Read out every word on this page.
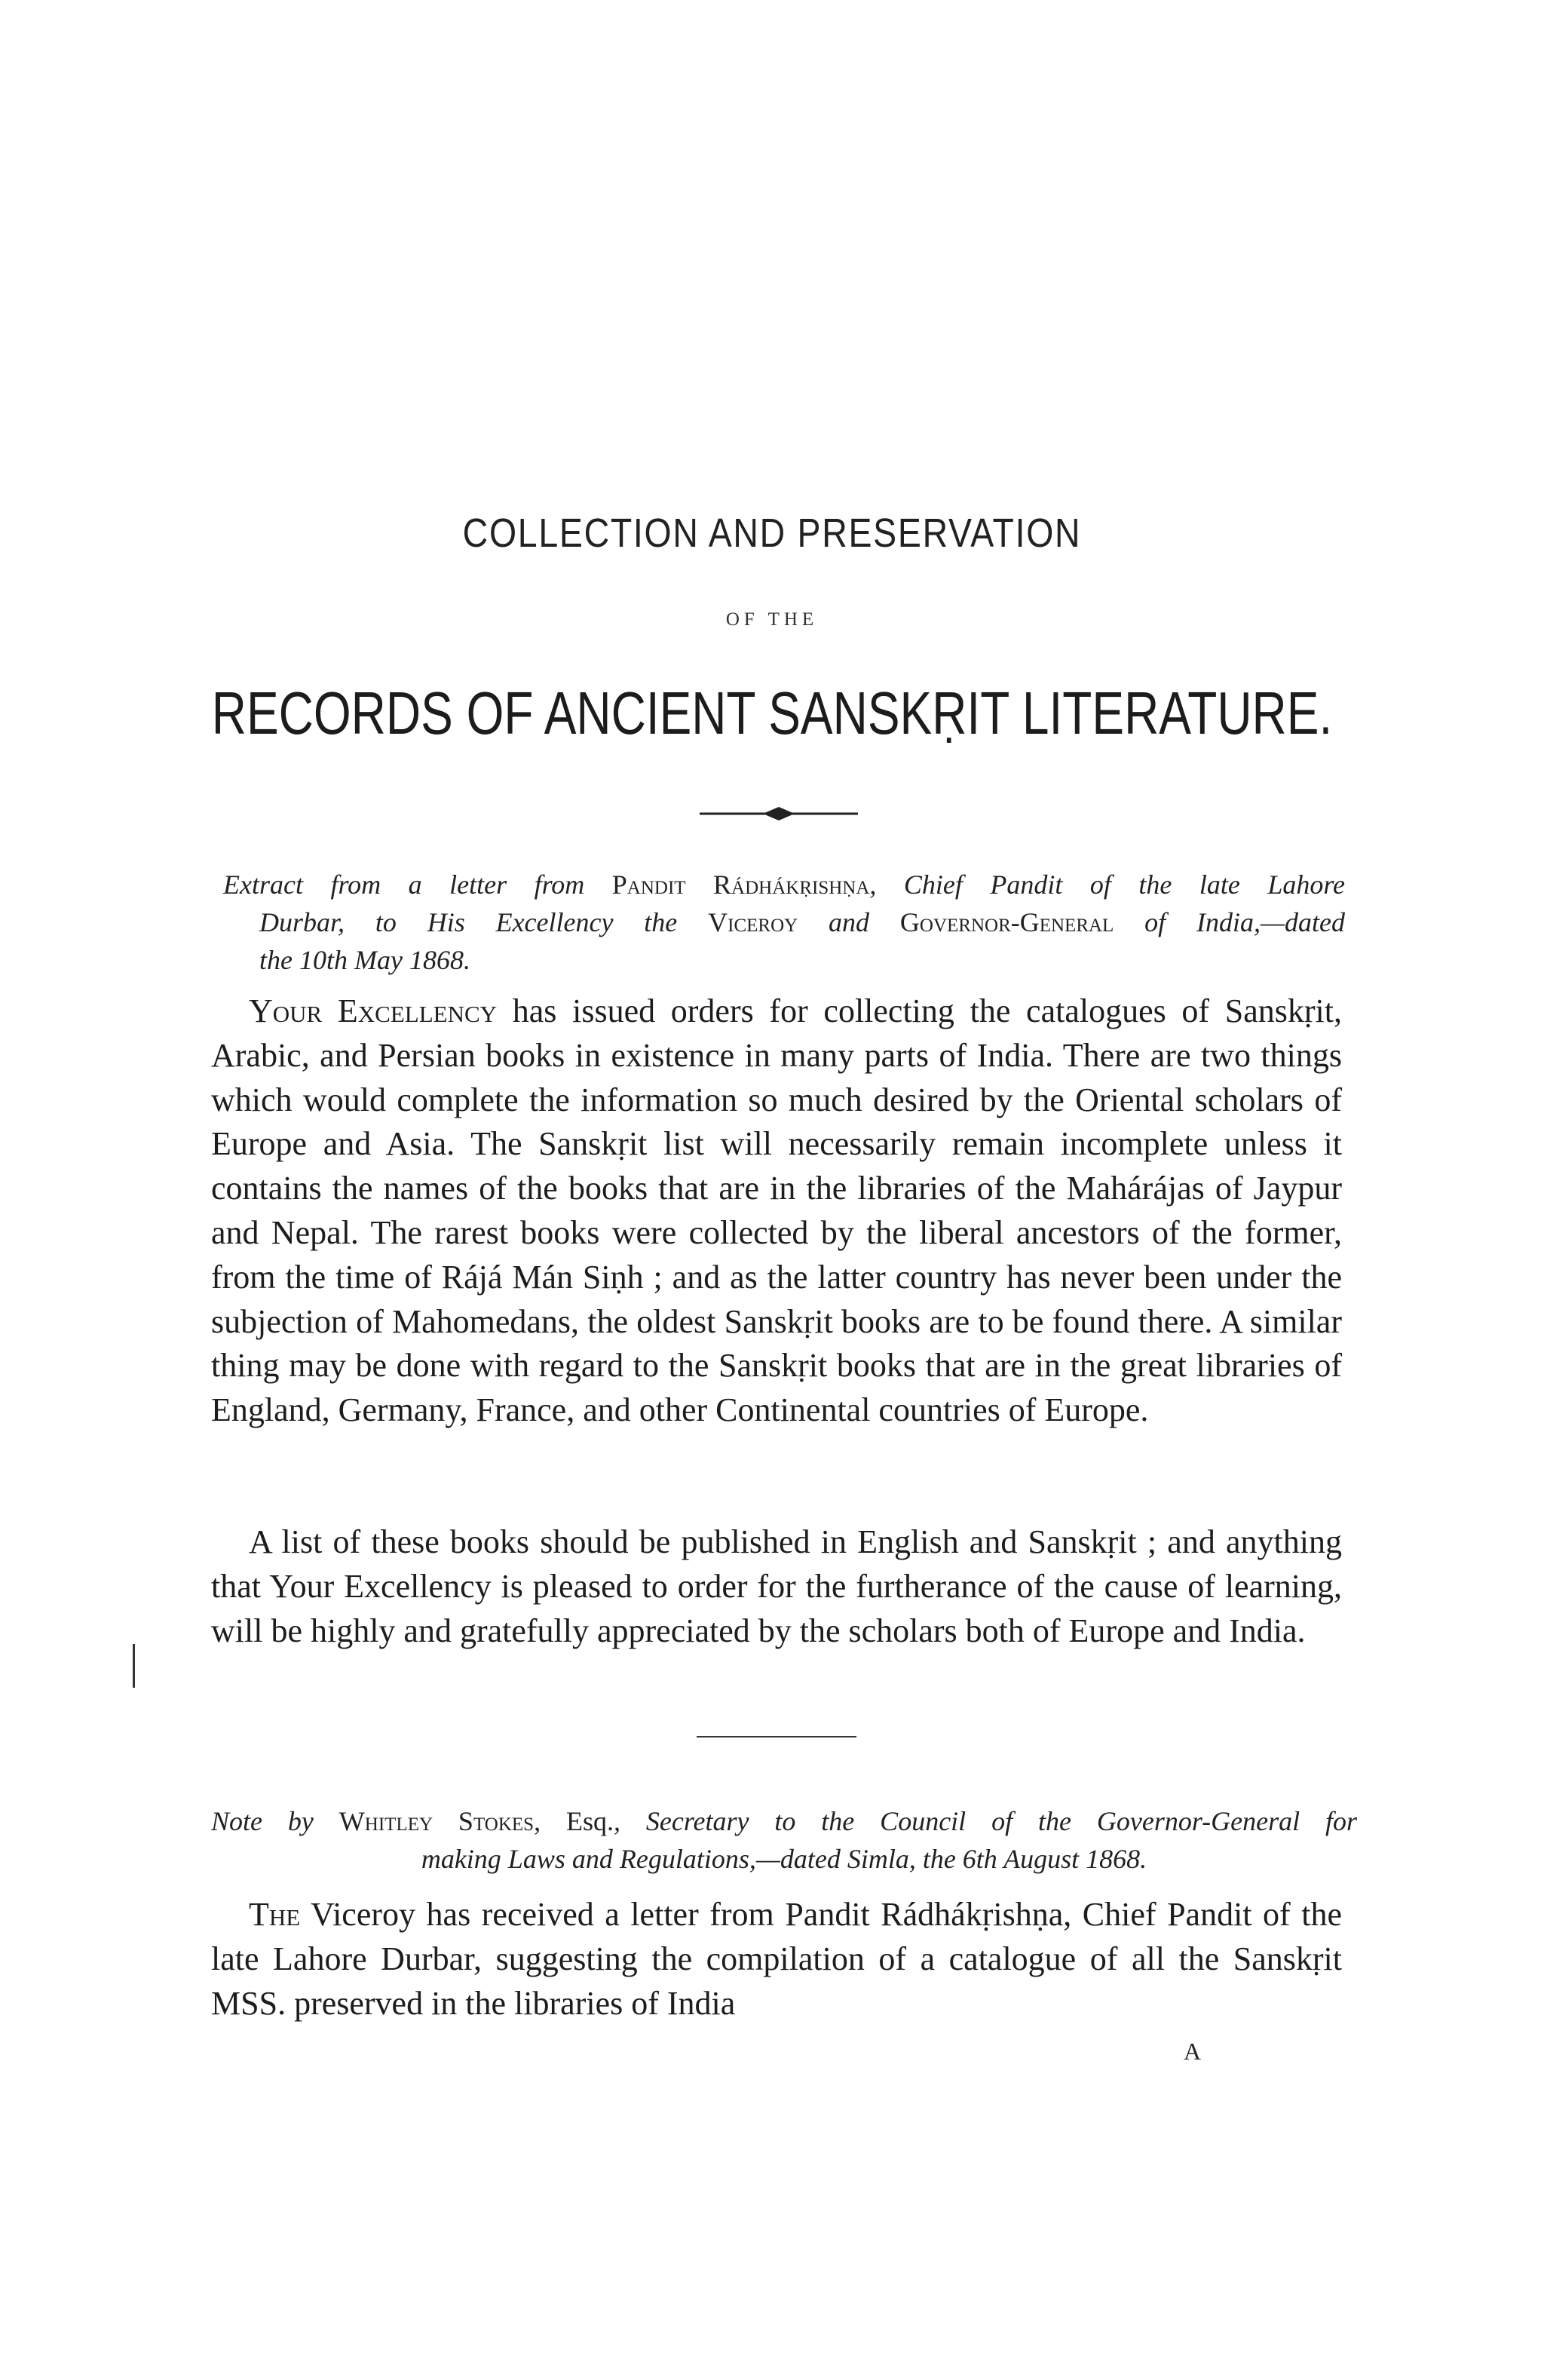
COLLECTION AND PRESERVATION
OF THE
RECORDS OF ANCIENT SANSKṚIT LITERATURE.
Extract from a letter from Pandit Rádhákṛishṇa, Chief Pandit of the late Lahore
Durbar, to His Excellency the Viceroy and Governor-General of India,—dated
the 10th May 1868.

Your Excellency has issued orders for collecting the catalogues of Sanskṛit, Arabic, and Persian books in existence in many parts of India. There are two things which would complete the information so much desired by the Oriental scholars of Europe and Asia. The Sanskṛit list will necessarily remain incomplete unless it contains the names of the books that are in the libraries of the Mahárájas of Jaypur and Nepal. The rarest books were collected by the liberal ancestors of the former, from the time of Rájá Mán Siṇh ; and as the latter country has never been under the subjection of Mahomedans, the oldest Sanskṛit books are to be found there. A similar thing may be done with regard to the Sanskṛit books that are in the great libraries of England, Germany, France, and other Continental countries of Europe.

A list of these books should be published in English and Sanskṛit ; and anything that Your Excellency is pleased to order for the furtherance of the cause of learning, will be highly and gratefully appreciated by the scholars both of Europe and India.

Note by Whitley Stokes, Esq., Secretary to the Council of the Governor-General for
making Laws and Regulations,—dated Simla, the 6th August 1868.

The Viceroy has received a letter from Pandit Rádhákṛishṇa, Chief Pandit of the late Lahore Durbar, suggesting the compilation of a catalogue of all the Sanskṛit MSS. preserved in the libraries of India

A
